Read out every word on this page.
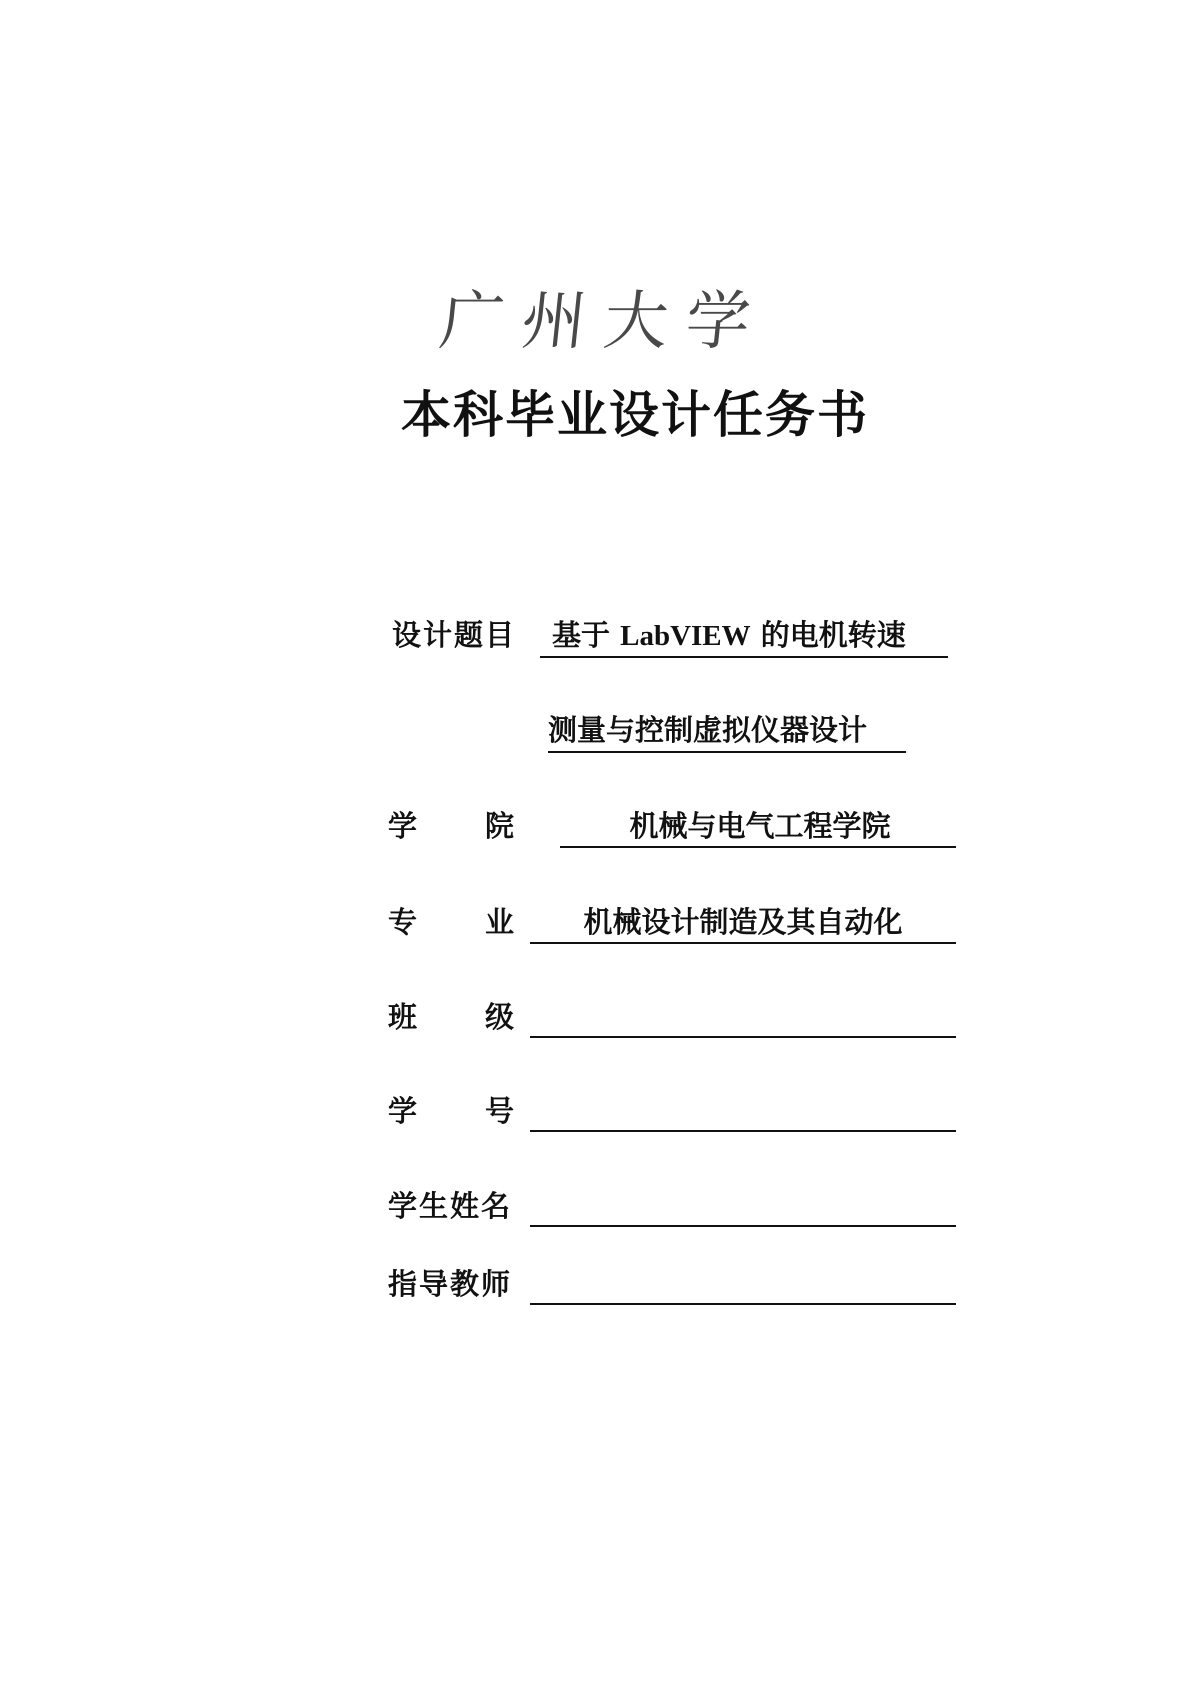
广州大学
本科毕业设计任务书
设计题目 基于 LabVIEW 的电机转速
测量与控制虚拟仪器设计
学 院	机械与电气工程学院
专 业	机械设计制造及其自动化
班 级
学 号
学生姓名
指导教师
